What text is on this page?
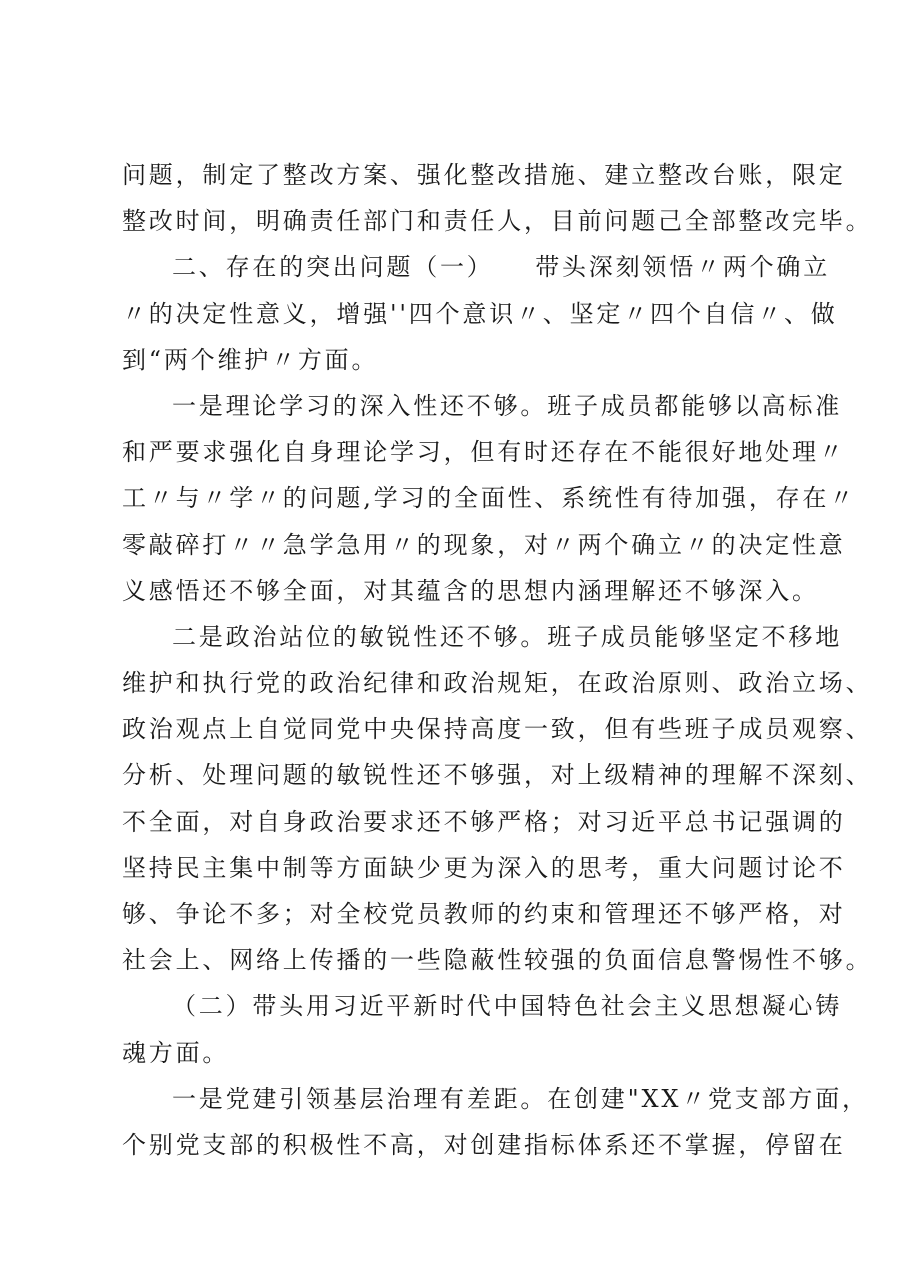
问题，制定了整改方案、强化整改措施、建立整改台账，限定
整改时间，明确责任部门和责任人，目前问题己全部整改完毕。
二、存在的突出问题（一）　　带头深刻领悟〃两个确立
〃的决定性意义，增强''四个意识〃、坚定〃四个自信〃、做
到“两个维护〃方面。
一是理论学习的深入性还不够。班子成员都能够以高标准
和严要求强化自身理论学习，但有时还存在不能很好地处理〃
工〃与〃学〃的问题,学习的全面性、系统性有待加强，存在〃
零敲碎打〃〃急学急用〃的现象，对〃两个确立〃的决定性意
义感悟还不够全面，对其蕴含的思想内涵理解还不够深入。
二是政治站位的敏锐性还不够。班子成员能够坚定不移地
维护和执行党的政治纪律和政治规矩，在政治原则、政治立场、
政治观点上自觉同党中央保持高度一致，但有些班子成员观察、
分析、处理问题的敏锐性还不够强，对上级精神的理解不深刻、
不全面，对自身政治要求还不够严格；对习近平总书记强调的
坚持民主集中制等方面缺少更为深入的思考，重大问题讨论不
够、争论不多；对全校党员教师的约束和管理还不够严格，对
社会上、网络上传播的一些隐蔽性较强的负面信息警惕性不够。
（二）带头用习近平新时代中国特色社会主义思想凝心铸
魂方面。
一是党建引领基层治理有差距。在创建"XX〃党支部方面，
个别党支部的积极性不高，对创建指标体系还不掌握，停留在
